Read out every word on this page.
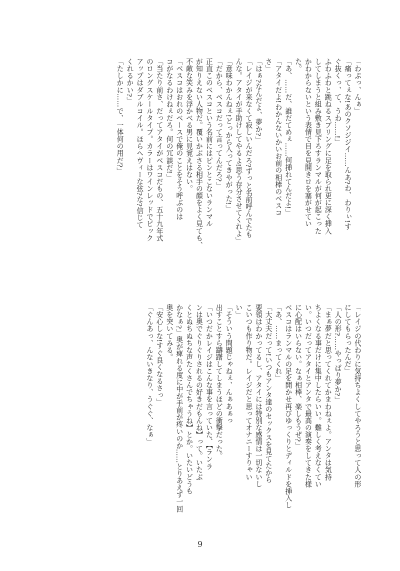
「わぷっ、んぁ」
「痛ってぇな!あのクソジジイ……んあ?わ、わりぃ!す
ぐ抜くっ、て、うわ……!」
ふわふわと跳ねるスプリングに足を取られ更に深く挿入
してしまうと組み敷き見下ろすランマルが何が起こった
かわからないという表情で目を見開きロを塞がせてい
た。
「あ、……だ、誰だてめぇ……何挿れてんだよ!」
「アタイだよ!わかんないかいお前の相棒のベスコ
さ」
「はぁ?なんだよ、夢か?」
「レイジが来なくて寂しいんだろ?ずっと名前呼んでたも
んな。アタイが手助けしてやるよ!思う存分させてくれよ」
「意味わかんねぇ!どっから入ってきやがった!」
「だから、ベスコだって言ってんだろ?」
正直このベスコという名前にはピンとこないランマル
が知りえない人物だ。覆いかぶさる相手の顔をよく見ても、
不敵な笑みを浮かべる男に見覚えはない。
「ベスコはおれのベースで俺のことをそう呼ぶのは
コがなるわけねぇだろ。何の冗談だ!」
「当たり前さ、だってアタイがベスコだもの、五十九年式
のロングスケールタイプ。カラーはワインレッドでピック
アップはダブルコイル。ほらヘヴィーな弦?な?信じて
くれるかい?」
「たしかに……で、一体何の用だ?」
「レイジの代わりに気持ちよくしてやろうと思って人の形
にしてもらったんだ」
「人の形?……やっぱり夢か?」
「まぁ夢だと思ってくれてかまわねぇよ。アンタは気持
ちよくなる事だけに集中したらいい。難しく考えなくてい
い。いつだってアタイとアンタで最高の演奏をしてきた様
に心配はいらない。なぁ相棒、楽しもうぜ?」
ベスコはランマルの足を開かせ再びゆっくりとディルドを挿入し
「あ、……まってくれ」
「大丈夫だって!いつもアンタ達のセックスを見てたから
要領はわかってるし、アタイには特別な感情は一切ないし
こいつも作り物だ。レイジだと思ってオナニーすりゃい
い」
「そういう問題じゃねぇ、んぁあぁっ
出すことすら躊躇してしまうほどの衝撃だった。
「いつだかレイジはこんな事を言っていた、【ランラ
ンは奥でぐりぐりされるの好きだもんね】って。いたぶ
くとぬちぬちな声たくさんでちゃうね】とか。いたいどうも
かなぁ?」奥が痺れる度に中が手前が疼いのか……とりあえず一回
奥を突いてみる。
「安心しな!すぐ良くなるさっ」
「ぐんあっ、んないきなり、うぐぐ、なぁ」
9
